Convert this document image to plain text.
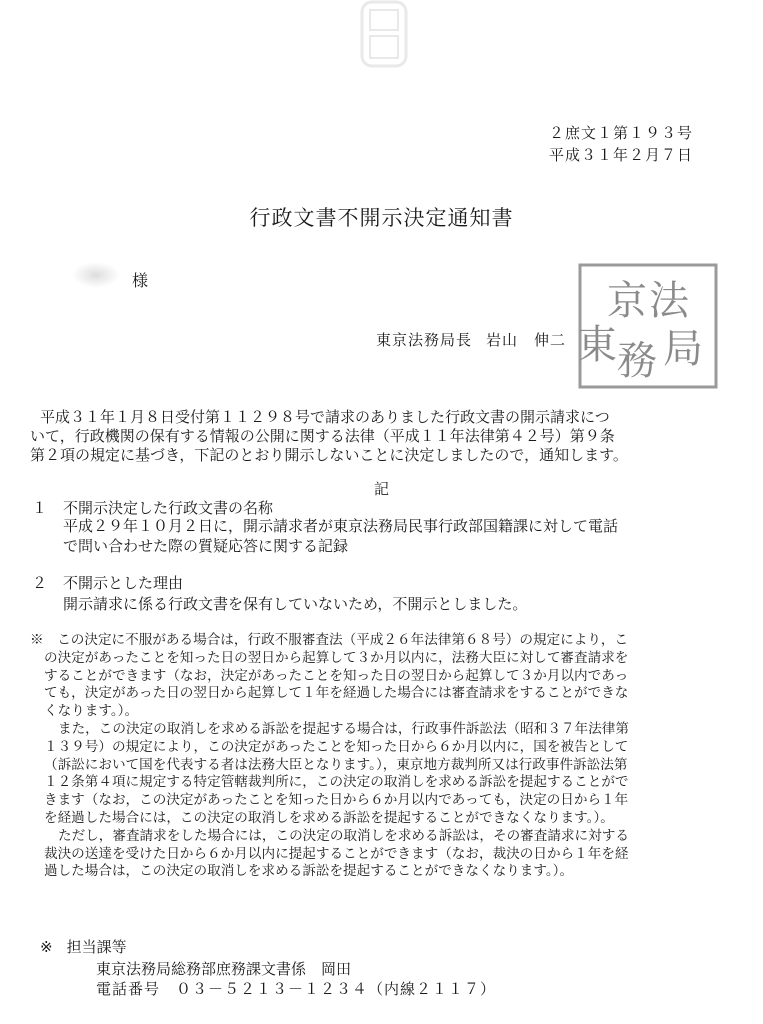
２庶文１第１９３号
平成３１年２月７日
行政文書不開示決定通知書
様
東京法務局長 岩山　伸二
法
京
東 局
務
平成３１年１月８日受付第１１２９８号で請求のありました行政文書の開示請求につ
いて，行政機関の保有する情報の公開に関する法律（平成１１年法律第４２号）第９条
第２項の規定に基づき，下記のとおり開示しないことに決定しましたので，通知します。
記
１ 不開示決定した行政文書の名称
平成２９年１０月２日に，開示請求者が東京法務局民事行政部国籍課に対して電話
で問い合わせた際の質疑応答に関する記録
２ 不開示とした理由
開示請求に係る行政文書を保有していないため，不開示としました。
※　 この決定に不服がある場合は，行政不服審査法（平成２６年法律第６８号）の規定により，こ
の決定があったことを知った日の翌日から起算して３か月以内に，法務大臣に対して審査請求を
することができます（なお，決定があったことを知った日の翌日から起算して３か月以内であっ
ても，決定があった日の翌日から起算して１年を経過した場合には審査請求をすることができな
くなります。）。
また，この決定の取消しを求める訴訟を提起する場合は，行政事件訴訟法（昭和３７年法律第
１３９号）の規定により，この決定があったことを知った日から６か月以内に，国を被告として
（訴訟において国を代表する者は法務大臣となります。），東京地方裁判所又は行政事件訴訟法第
１２条第４項に規定する特定管轄裁判所に，この決定の取消しを求める訴訟を提起することがで
きます（なお，この決定があったことを知った日から６か月以内であっても，決定の日から１年
を経過した場合には，この決定の取消しを求める訴訟を提起することができなくなります。）。
ただし，審査請求をした場合には，この決定の取消しを求める訴訟は，その審査請求に対する
裁決の送達を受けた日から６か月以内に提起することができます（なお，裁決の日から１年を経
過した場合は，この決定の取消しを求める訴訟を提起することができなくなります。）。
※ 担当課等
東京法務局総務部庶務課文書係　岡田
電話番号　 ０３－５２１３－１２３４（内線２１１７）
